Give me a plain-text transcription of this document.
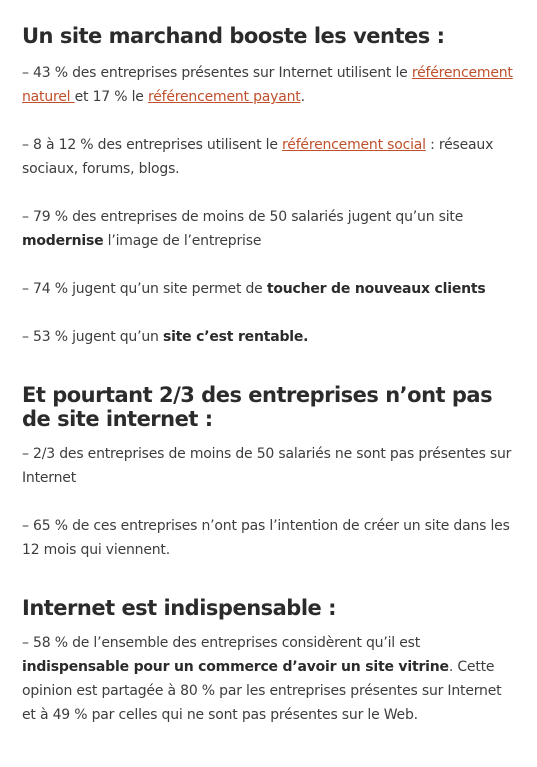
Un site marchand booste les ventes :

– 43 % des entreprises présentes sur Internet utilisent le référencement naturel et 17 % le référencement payant.

– 8 à 12 % des entreprises utilisent le référencement social : réseaux sociaux, forums, blogs.

– 79 % des entreprises de moins de 50 salariés jugent qu’un site modernise l’image de l’entreprise

– 74 % jugent qu’un site permet de toucher de nouveaux clients

– 53 % jugent qu’un site c’est rentable.

Et pourtant 2/3 des entreprises n’ont pas de site internet :

– 2/3 des entreprises de moins de 50 salariés ne sont pas présentes sur Internet

– 65 % de ces entreprises n’ont pas l’intention de créer un site dans les 12 mois qui viennent.

Internet est indispensable :

– 58 % de l’ensemble des entreprises considèrent qu’il est indispensable pour un commerce d’avoir un site vitrine. Cette opinion est partagée à 80 % par les entreprises présentes sur Internet et à 49 % par celles qui ne sont pas présentes sur le Web.
